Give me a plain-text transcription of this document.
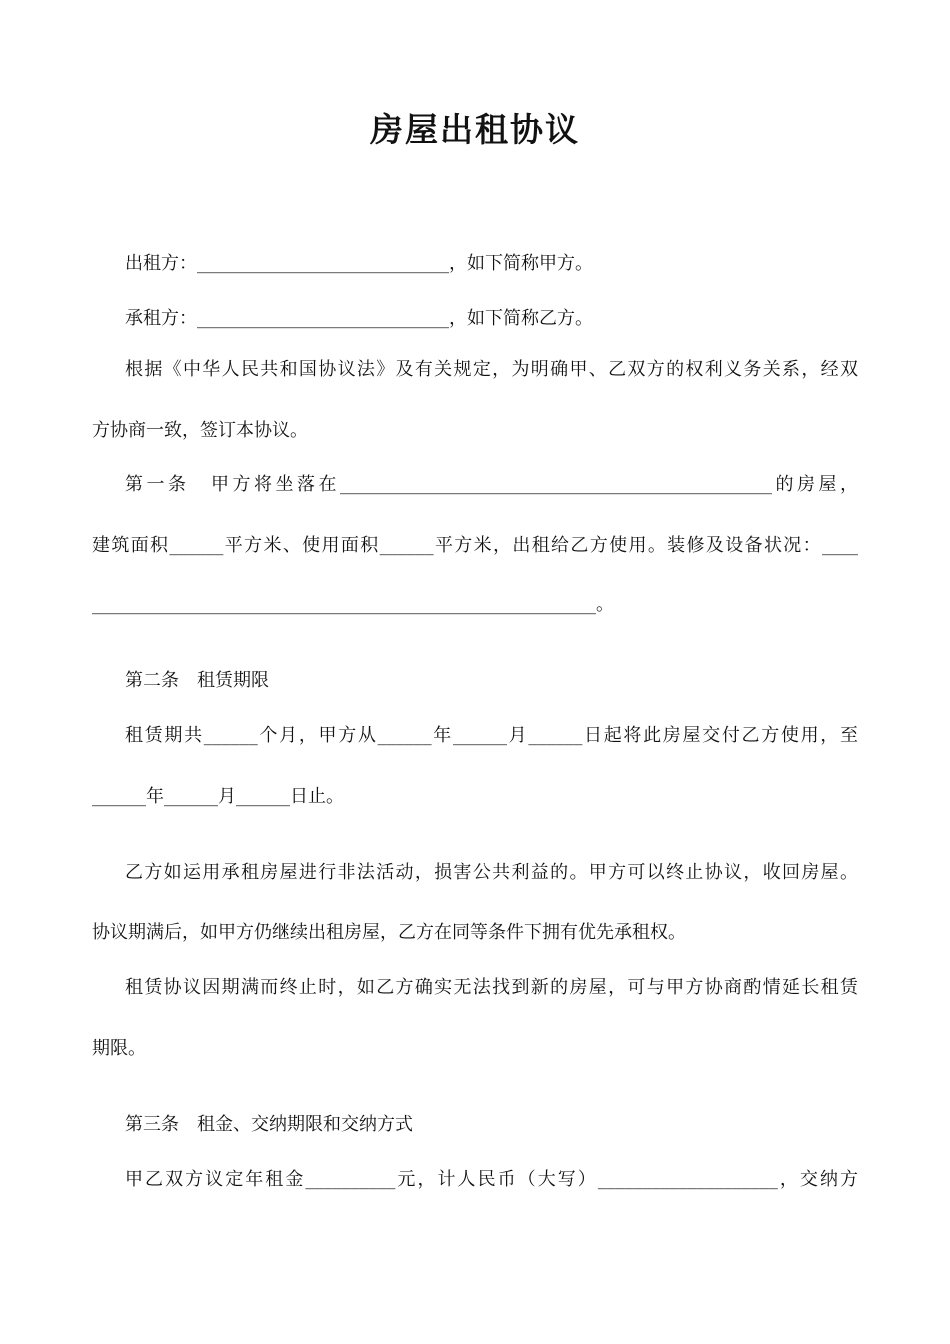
房屋出租协议
出租方：____________________________，如下简称甲方。
承租方：____________________________，如下简称乙方。
根据《中华人民共和国协议法》及有关规定，为明确甲、乙双方的权利义务关系，经双
方协商一致，签订本协议。
第一条　甲方将坐落在________________________________________________的房屋，
建筑面积______平方米、使用面积______平方米，出租给乙方使用。装修及设备状况：____
________________________________________________________。
第二条　租赁期限
租赁期共______个月，甲方从______年______月______日起将此房屋交付乙方使用，至
______年______月______日止。
乙方如运用承租房屋进行非法活动，损害公共利益的。甲方可以终止协议，收回房屋。
协议期满后，如甲方仍继续出租房屋，乙方在同等条件下拥有优先承租权。
租赁协议因期满而终止时，如乙方确实无法找到新的房屋，可与甲方协商酌情延长租赁
期限。
第三条　租金、交纳期限和交纳方式
甲乙双方议定年租金__________元，计人民币（大写）____________________，交纳方
